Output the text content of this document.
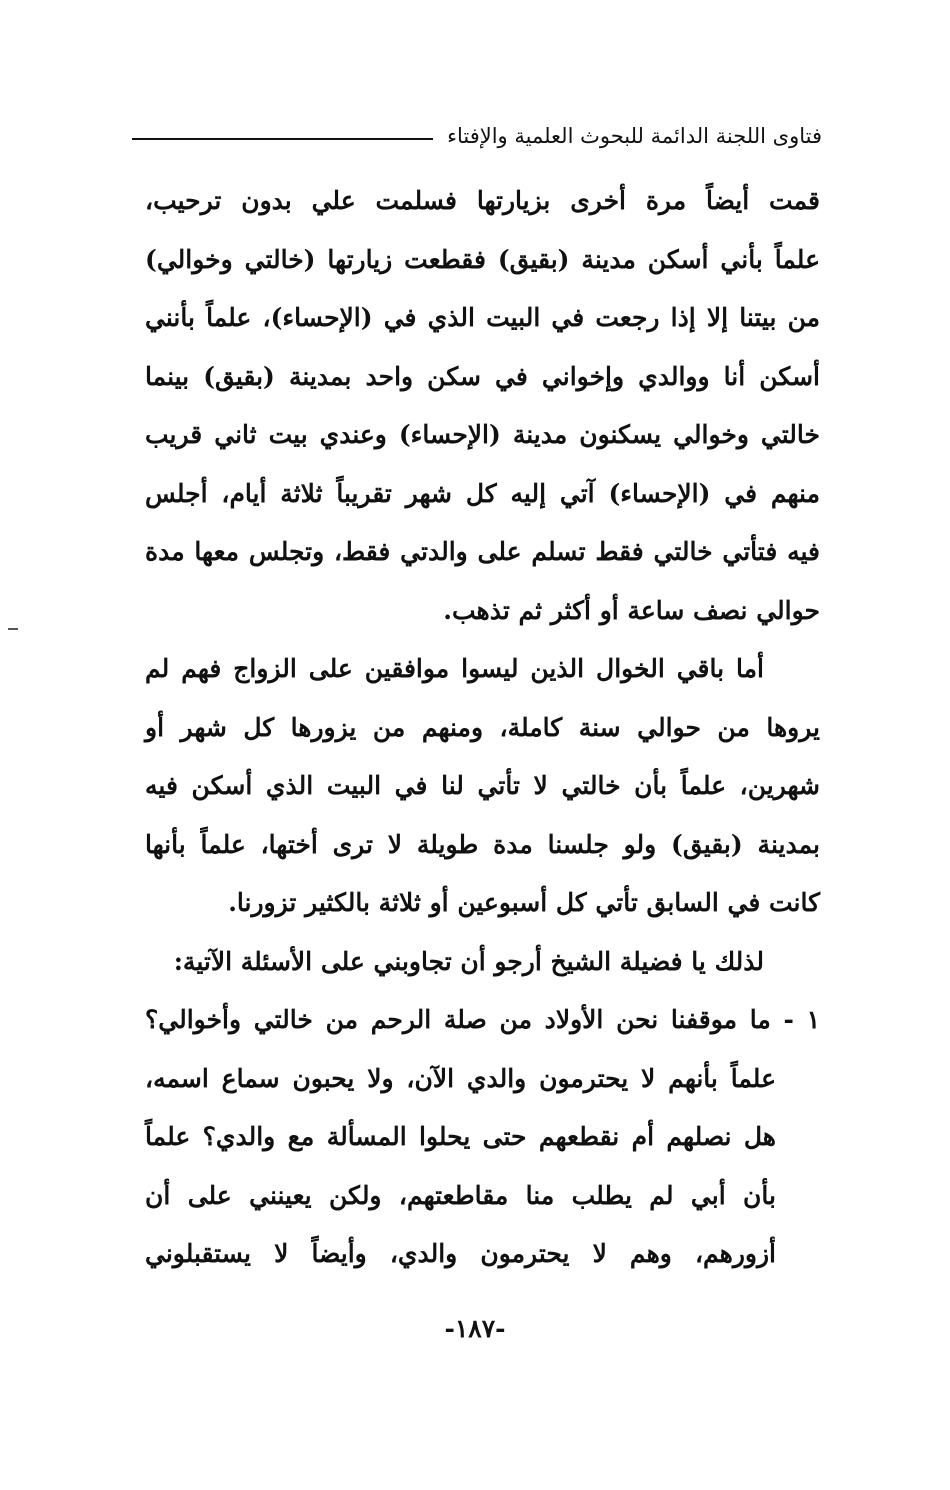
فتاوى اللجنة الدائمة للبحوث العلمية والإفتاء

قمت أيضاً مرة أخرى بزيارتها فسلمت علي بدون ترحيب،
علماً بأني أسكن مدينة (بقيق) فقطعت زيارتها (خالتي وخوالي)
من بيتنا إلا إذا رجعت في البيت الذي في (الإحساء)، علماً بأنني
أسكن أنا ووالدي وإخواني في سكن واحد بمدينة (بقيق) بينما
خالتي وخوالي يسكنون مدينة (الإحساء) وعندي بيت ثاني قريب
منهم في (الإحساء) آتي إليه كل شهر تقريباً ثلاثة أيام، أجلس
فيه فتأتي خالتي فقط تسلم على والدتي فقط، وتجلس معها مدة
حوالي نصف ساعة أو أكثر ثم تذهب.

أما باقي الخوال الذين ليسوا موافقين على الزواج فهم لم
يروها من حوالي سنة كاملة، ومنهم من يزورها كل شهر أو
شهرين، علماً بأن خالتي لا تأتي لنا في البيت الذي أسكن فيه
بمدينة (بقيق) ولو جلسنا مدة طويلة لا ترى أختها، علماً بأنها
كانت في السابق تأتي كل أسبوعين أو ثلاثة بالكثير تزورنا.

لذلك يا فضيلة الشيخ أرجو أن تجاوبني على الأسئلة الآتية:

١ - ما موقفنا نحن الأولاد من صلة الرحم من خالتي وأخوالي؟
علماً بأنهم لا يحترمون والدي الآن، ولا يحبون سماع اسمه،
هل نصلهم أم نقطعهم حتى يحلوا المسألة مع والدي؟ علماً
بأن أبي لم يطلب منا مقاطعتهم، ولكن يعينني على أن
أزورهم، وهم لا يحترمون والدي، وأيضاً لا يستقبلوني

-١٨٧-
